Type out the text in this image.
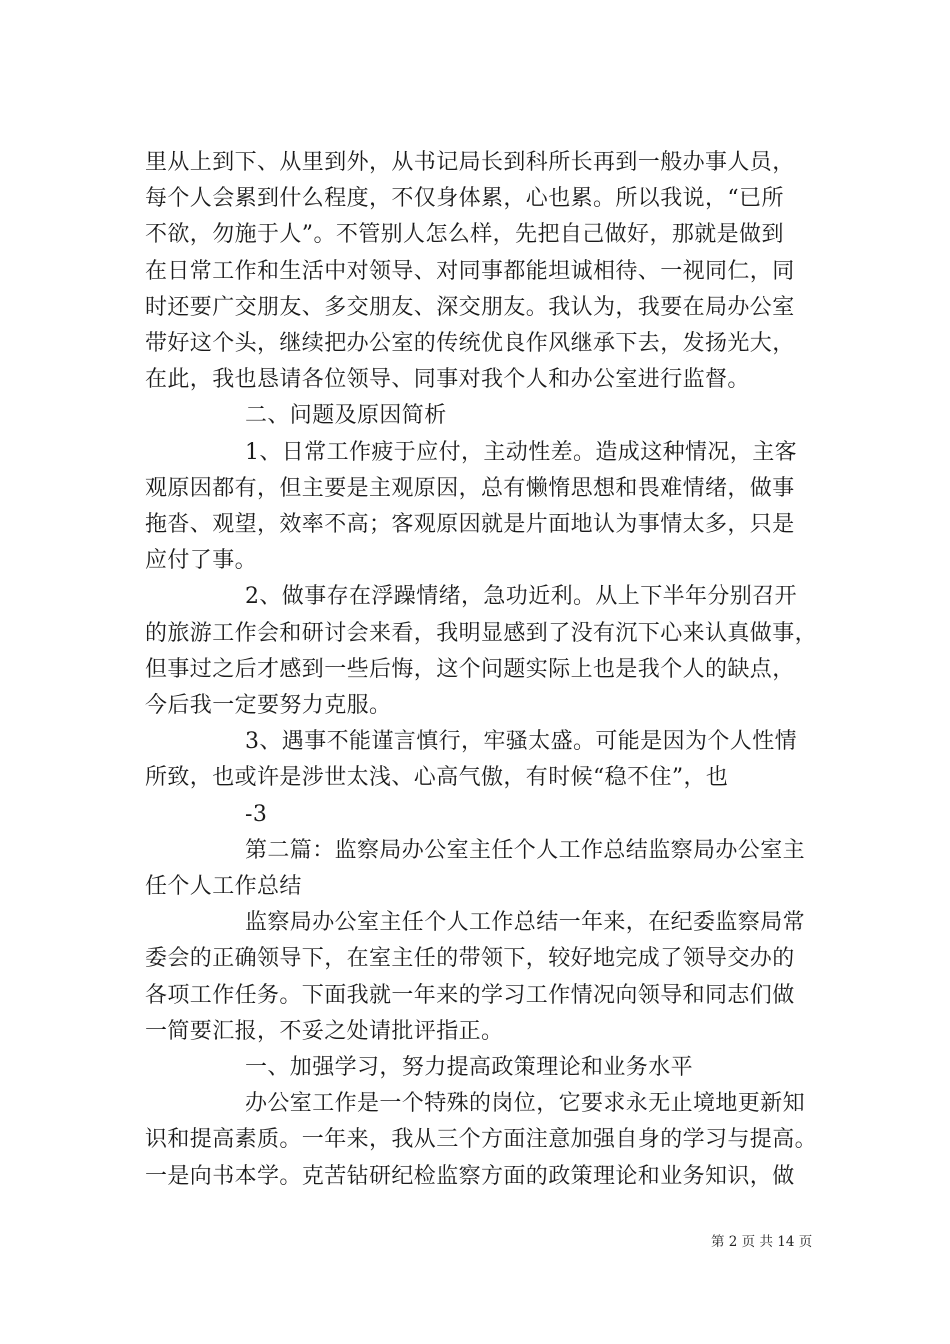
里从上到下、从里到外，从书记局长到科所长再到一般办事人员，
每个人会累到什么程度，不仅身体累，心也累。所以我说，“已所
不欲，勿施于人”。不管别人怎么样，先把自己做好，那就是做到
在日常工作和生活中对领导、对同事都能坦诚相待、一视同仁，同
时还要广交朋友、多交朋友、深交朋友。我认为，我要在局办公室
带好这个头，继续把办公室的传统优良作风继承下去，发扬光大，
在此，我也恳请各位领导、同事对我个人和办公室进行监督。
二、问题及原因简析
1、日常工作疲于应付，主动性差。造成这种情况，主客
观原因都有，但主要是主观原因，总有懒惰思想和畏难情绪，做事
拖沓、观望，效率不高；客观原因就是片面地认为事情太多，只是
应付了事。
2、做事存在浮躁情绪，急功近利。从上下半年分别召开
的旅游工作会和研讨会来看，我明显感到了没有沉下心来认真做事，
但事过之后才感到一些后悔，这个问题实际上也是我个人的缺点，
今后我一定要努力克服。
3、遇事不能谨言慎行，牢骚太盛。可能是因为个人性情
所致，也或许是涉世太浅、心高气傲，有时候“稳不住”，也
-3
第二篇：监察局办公室主任个人工作总结监察局办公室主
任个人工作总结
监察局办公室主任个人工作总结一年来，在纪委监察局常
委会的正确领导下，在室主任的带领下，较好地完成了领导交办的
各项工作任务。下面我就一年来的学习工作情况向领导和同志们做
一简要汇报，不妥之处请批评指正。
一、加强学习，努力提高政策理论和业务水平
办公室工作是一个特殊的岗位，它要求永无止境地更新知
识和提高素质。一年来，我从三个方面注意加强自身的学习与提高。
一是向书本学。克苦钻研纪检监察方面的政策理论和业务知识，做
第 2 页 共 14 页
